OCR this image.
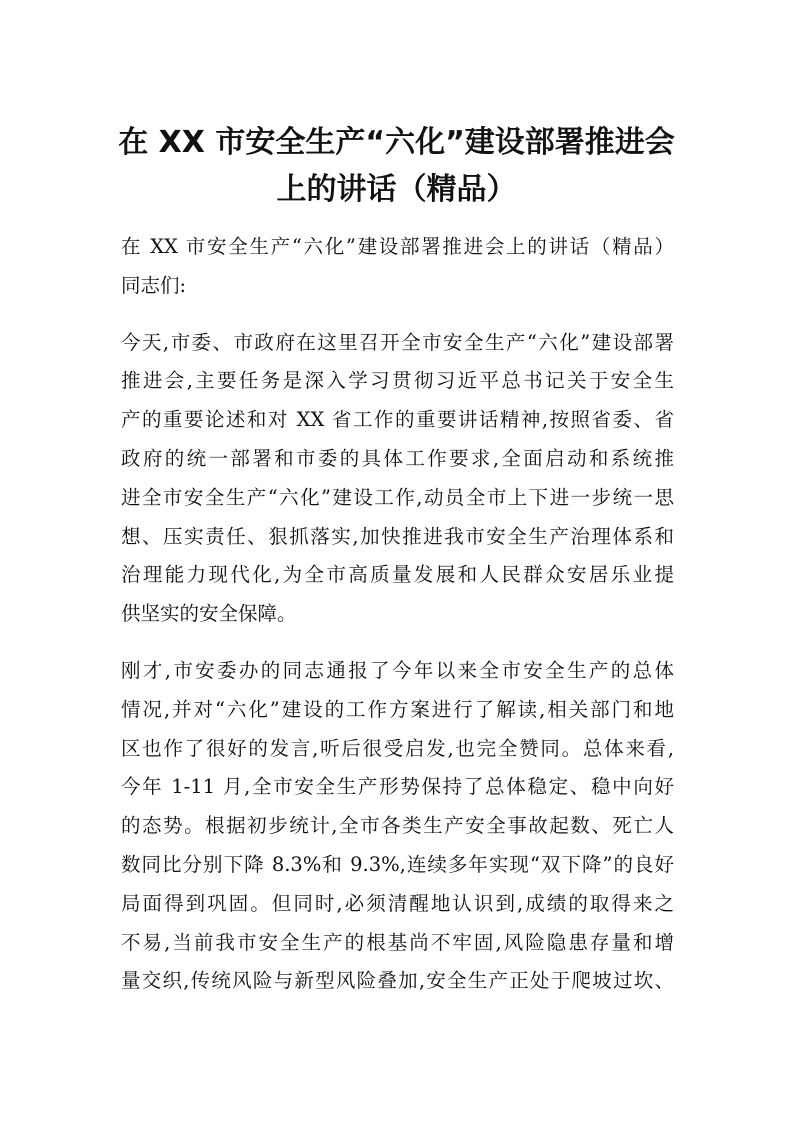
在 XX 市安全生产“六化”建设部署推进会
上的讲话（精品）
在 XX 市安全生产“六化”建设部署推进会上的讲话（精品）
同志们:
今天,市委、市政府在这里召开全市安全生产“六化”建设部署
推进会,主要任务是深入学习贯彻习近平总书记关于安全生
产的重要论述和对 XX 省工作的重要讲话精神,按照省委、省
政府的统一部署和市委的具体工作要求,全面启动和系统推
进全市安全生产“六化”建设工作,动员全市上下进一步统一思
想、压实责任、狠抓落实,加快推进我市安全生产治理体系和
治理能力现代化,为全市高质量发展和人民群众安居乐业提
供坚实的安全保障。
刚才,市安委办的同志通报了今年以来全市安全生产的总体
情况,并对“六化”建设的工作方案进行了解读,相关部门和地
区也作了很好的发言,听后很受启发,也完全赞同。总体来看,
今年 1-11 月,全市安全生产形势保持了总体稳定、稳中向好
的态势。根据初步统计,全市各类生产安全事故起数、死亡人
数同比分别下降 8.3%和 9.3%,连续多年实现“双下降”的良好
局面得到巩固。但同时,必须清醒地认识到,成绩的取得来之
不易,当前我市安全生产的根基尚不牢固,风险隐患存量和增
量交织,传统风险与新型风险叠加,安全生产正处于爬坡过坎、
